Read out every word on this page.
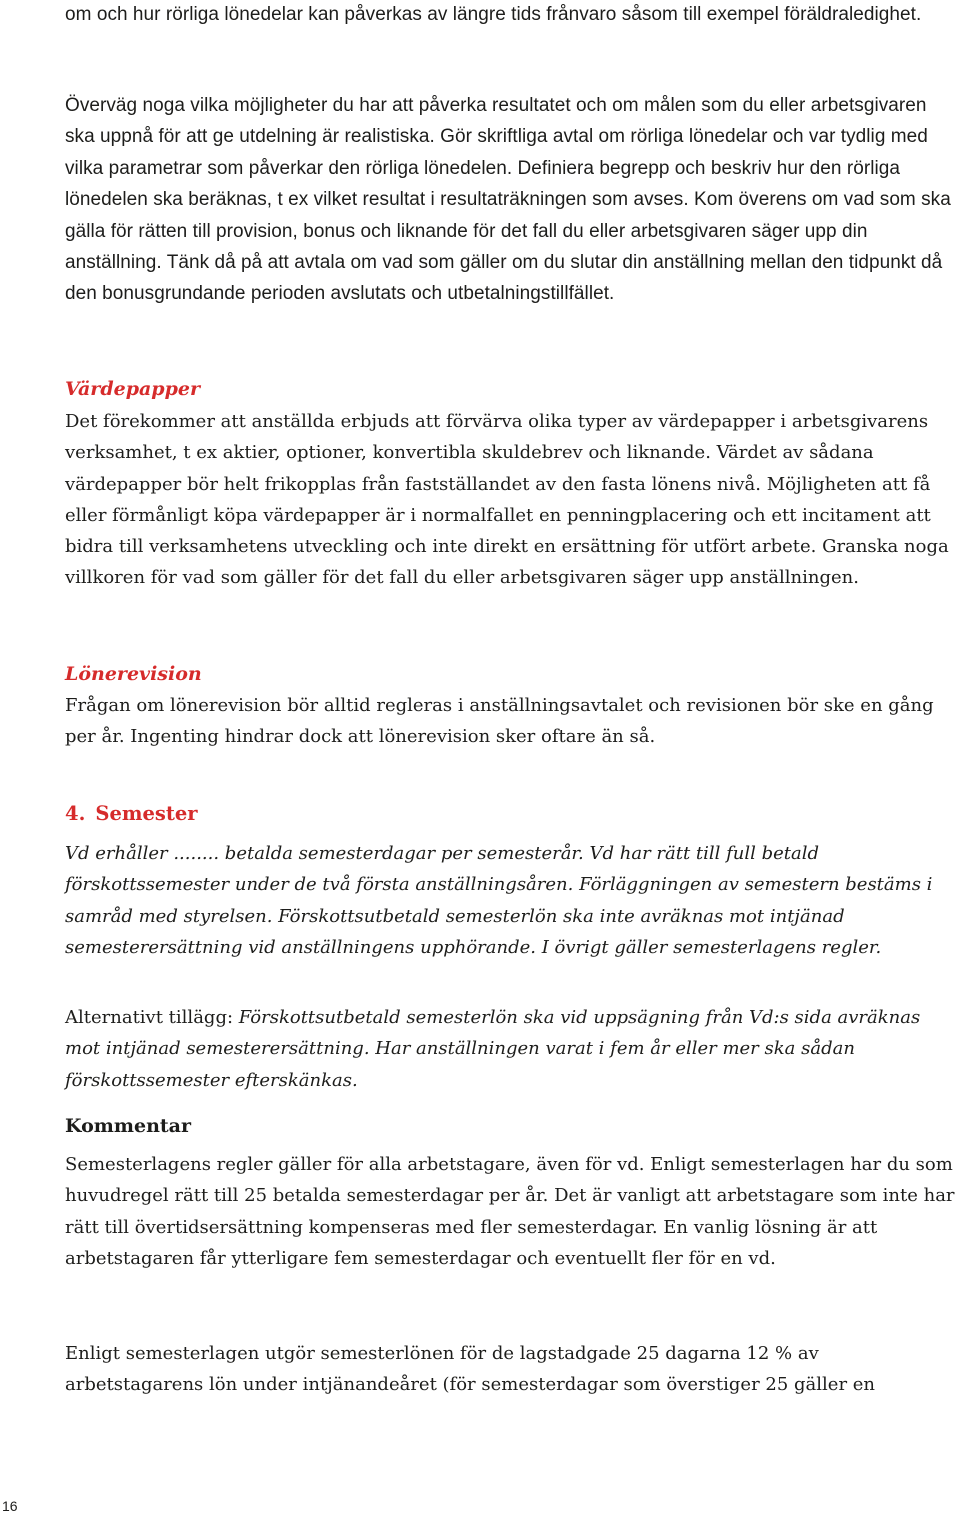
om och hur rörliga lönedelar kan påverkas av längre tids frånvaro såsom till exempel föräldraledighet.

Överväg noga vilka möjligheter du har att påverka resultatet och om målen som du eller arbetsgivaren ska uppnå för att ge utdelning är realistiska. Gör skriftliga avtal om rörliga lönedelar och var tydlig med vilka parametrar som påverkar den rörliga lönedelen. Definiera begrepp och beskriv hur den rörliga lönedelen ska beräknas, t ex vilket resultat i resultaträkningen som avses. Kom överens om vad som ska gälla för rätten till provision, bonus och liknande för det fall du eller arbetsgivaren säger upp din anställning. Tänk då på att avtala om vad som gäller om du slutar din anställning mellan den tidpunkt då den bonusgrundande perioden avslutats och utbetalningstillfället.

Värdepapper

Det förekommer att anställda erbjuds att förvärva olika typer av värdepapper i arbetsgivarens verksamhet, t ex aktier, optioner, konvertibla skuldebrev och liknande. Värdet av sådana värdepapper bör helt frikopplas från fastställandet av den fasta lönens nivå. Möjligheten att få eller förmånligt köpa värdepapper är i normalfallet en penningplacering och ett incitament att bidra till verksamhetens utveckling och inte direkt en ersättning för utfört arbete. Granska noga villkoren för vad som gäller för det fall du eller arbetsgivaren säger upp anställningen.

Lönerevision

Frågan om lönerevision bör alltid regleras i anställningsavtalet och revisionen bör ske en gång per år. Ingenting hindrar dock att lönerevision sker oftare än så.

4. Semester

Vd erhåller ........ betalda semesterdagar per semesterår. Vd har rätt till full betald förskottssemester under de två första anställningsåren. Förläggningen av semestern bestäms i samråd med styrelsen. Förskottsutbetald semesterlön ska inte avräknas mot intjänad semesterersättning vid anställningens upphörande. I övrigt gäller semesterlagens regler.

Alternativt tillägg: Förskottsutbetald semesterlön ska vid uppsägning från Vd:s sida avräknas mot intjänad semesterersättning. Har anställningen varat i fem år eller mer ska sådan förskottssemester efterskänkas.

Kommentar

Semesterlagens regler gäller för alla arbetstagare, även för vd. Enligt semesterlagen har du som huvudregel rätt till 25 betalda semesterdagar per år. Det är vanligt att arbetstagare som inte har rätt till övertidsersättning kompenseras med fler semesterdagar. En vanlig lösning är att arbetstagaren får ytterligare fem semesterdagar och eventuellt fler för en vd.

Enligt semesterlagen utgör semesterlönen för de lagstadgade 25 dagarna 12 % av arbetstagarens lön under intjänandeåret (för semesterdagar som överstiger 25 gäller en

16
